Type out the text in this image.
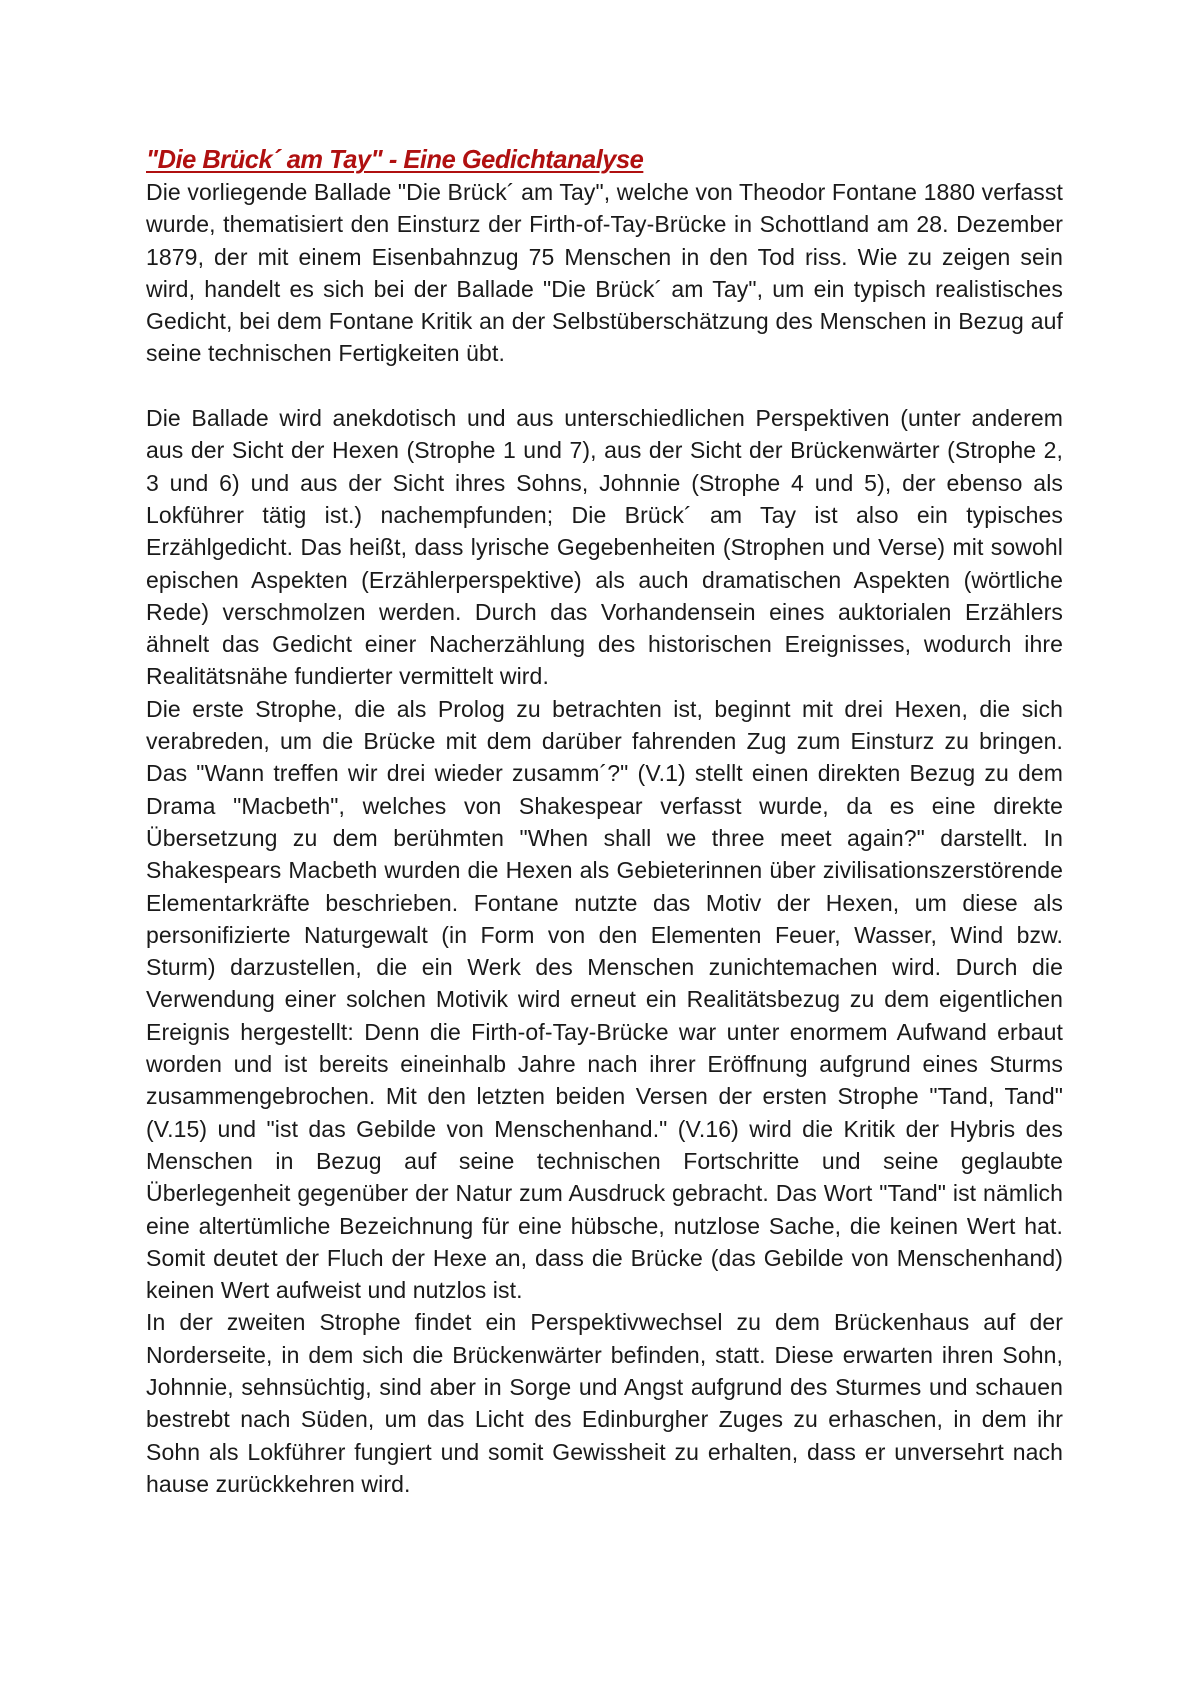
"Die Brück´ am Tay" - Eine Gedichtanalyse

Die vorliegende Ballade "Die Brück´ am Tay", welche von Theodor Fontane 1880 verfasst wurde, thematisiert den Einsturz der Firth-of-Tay-Brücke in Schottland am 28. Dezember 1879, der mit einem Eisenbahnzug 75 Menschen in den Tod riss. Wie zu zeigen sein wird, handelt es sich bei der Ballade "Die Brück´ am Tay", um ein typisch realistisches Gedicht, bei dem Fontane Kritik an der Selbstüberschätzung des Menschen in Bezug auf seine technischen Fertigkeiten übt.

Die Ballade wird anekdotisch und aus unterschiedlichen Perspektiven (unter anderem aus der Sicht der Hexen (Strophe 1 und 7), aus der Sicht der Brückenwärter (Strophe 2, 3 und 6) und aus der Sicht ihres Sohns, Johnnie (Strophe 4 und 5), der ebenso als Lokführer tätig ist.) nachempfunden; Die Brück´ am Tay ist also ein typisches Erzählgedicht. Das heißt, dass lyrische Gegebenheiten (Strophen und Verse) mit sowohl epischen Aspekten (Erzählerperspektive) als auch dramatischen Aspekten (wörtliche Rede) verschmolzen werden. Durch das Vorhandensein eines auktorialen Erzählers ähnelt das Gedicht einer Nacherzählung des historischen Ereignisses, wodurch ihre Realitätsnähe fundierter vermittelt wird.

Die erste Strophe, die als Prolog zu betrachten ist, beginnt mit drei Hexen, die sich verabreden, um die Brücke mit dem darüber fahrenden Zug zum Einsturz zu bringen. Das "Wann treffen wir drei wieder zusamm´?" (V.1) stellt einen direkten Bezug zu dem Drama "Macbeth", welches von Shakespear verfasst wurde, da es eine direkte Übersetzung zu dem berühmten "When shall we three meet again?" darstellt. In Shakespears Macbeth wurden die Hexen als Gebieterinnen über zivilisationszerstörende Elementarkräfte beschrieben. Fontane nutzte das Motiv der Hexen, um diese als personifizierte Naturgewalt (in Form von den Elementen Feuer, Wasser, Wind bzw. Sturm) darzustellen, die ein Werk des Menschen zunichtemachen wird. Durch die Verwendung einer solchen Motivik wird erneut ein Realitätsbezug zu dem eigentlichen Ereignis hergestellt: Denn die Firth-of-Tay-Brücke war unter enormem Aufwand erbaut worden und ist bereits eineinhalb Jahre nach ihrer Eröffnung aufgrund eines Sturms zusammengebrochen. Mit den letzten beiden Versen der ersten Strophe "Tand, Tand" (V.15) und "ist das Gebilde von Menschenhand." (V.16) wird die Kritik der Hybris des Menschen in Bezug auf seine technischen Fortschritte und seine geglaubte Überlegenheit gegenüber der Natur zum Ausdruck gebracht. Das Wort "Tand" ist nämlich eine altertümliche Bezeichnung für eine hübsche, nutzlose Sache, die keinen Wert hat. Somit deutet der Fluch der Hexe an, dass die Brücke (das Gebilde von Menschenhand) keinen Wert aufweist und nutzlos ist.

In der zweiten Strophe findet ein Perspektivwechsel zu dem Brückenhaus auf der Norderseite, in dem sich die Brückenwärter befinden, statt. Diese erwarten ihren Sohn, Johnnie, sehnsüchtig, sind aber in Sorge und Angst aufgrund des Sturmes und schauen bestrebt nach Süden, um das Licht des Edinburgher Zuges zu erhaschen, in dem ihr Sohn als Lokführer fungiert und somit Gewissheit zu erhalten, dass er unversehrt nach hause zurückkehren wird.
